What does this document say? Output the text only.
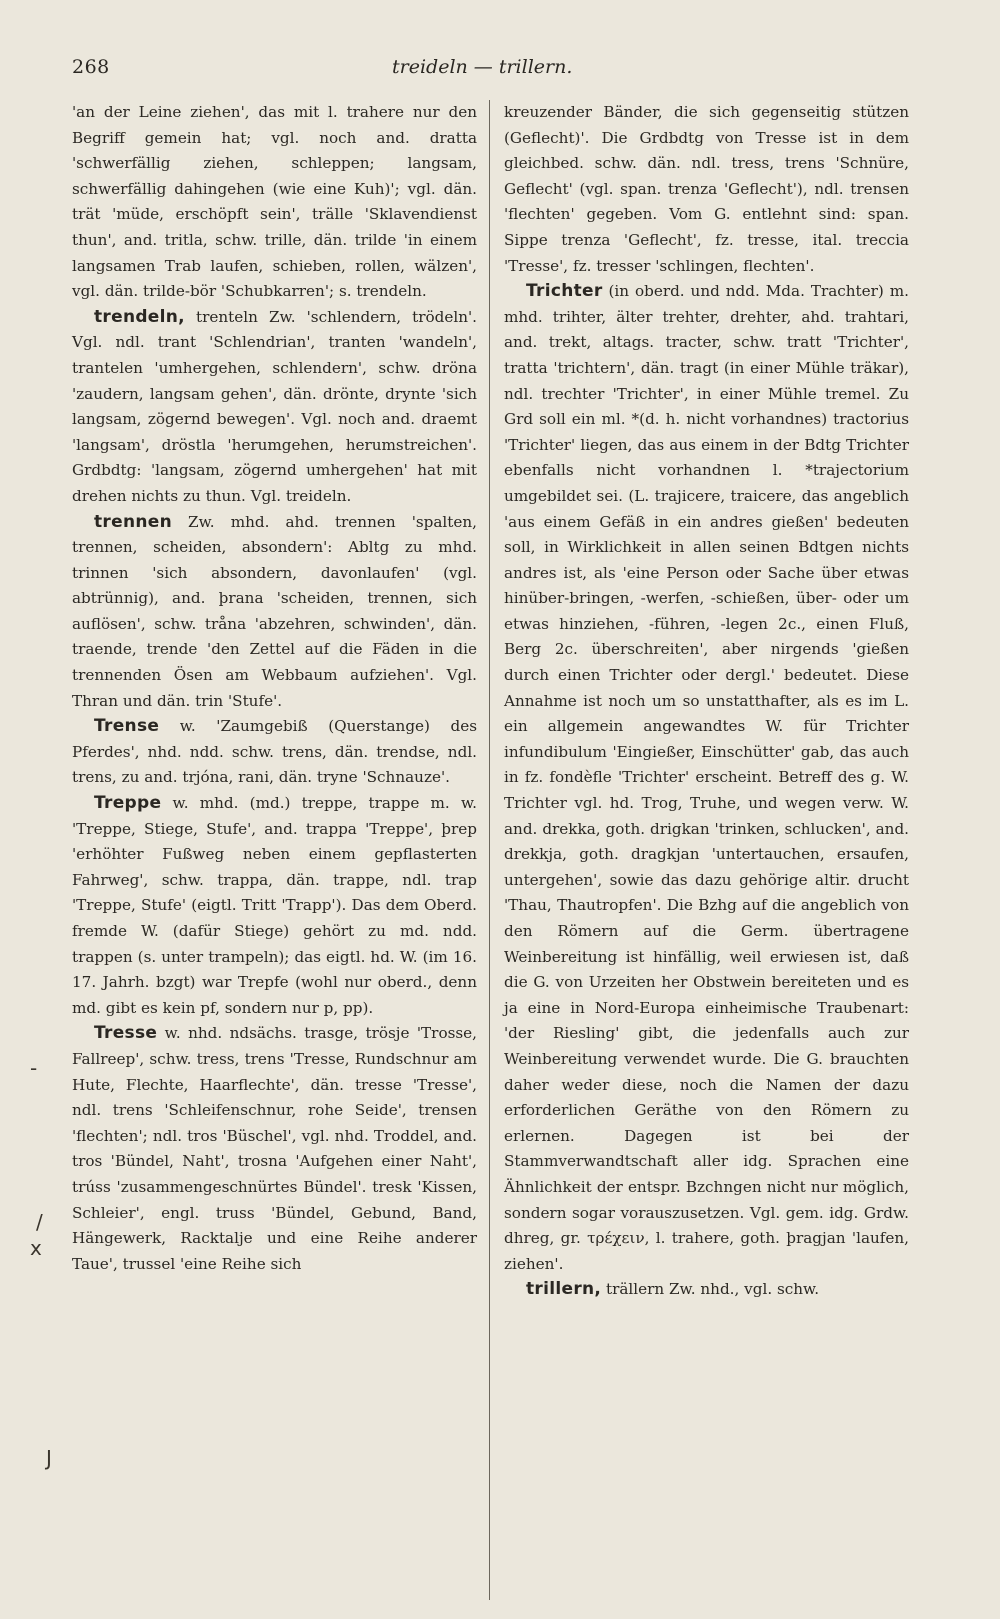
268	treideln — trillern.

'an der Leine ziehen', das mit l. trahere nur den Begriff gemein hat; vgl. noch and. dratta 'schwerfällig ziehen, schleppen; langsam, schwerfällig dahingehen (wie eine Kuh)'; vgl. dän. trät 'müde, erschöpft sein', trälle 'Sklavendienst thun', and. tritla, schw. trille, dän. trilde 'in einem langsamen Trab laufen, schieben, rollen, wälzen', vgl. dän. trilde-bör 'Schubkarren'; s. trendeln.

trendeln, trenteln Zw. 'schlendern, trödeln'. Vgl. ndl. trant 'Schlendrian', tranten 'wandeln', trantelen 'umhergehen, schlendern', schw. dröna 'zaudern, langsam gehen', dän. drönte, drynte 'sich langsam, zögernd bewegen'. Vgl. noch and. draemt 'langsam', dröstla 'herumgehen, herumstreichen'. Grdbdtg: 'langsam, zögernd umhergehen' hat mit drehen nichts zu thun. Vgl. treideln.

trennen Zw. mhd. ahd. trennen 'spalten, trennen, scheiden, absondern': Abltg zu mhd. trinnen 'sich absondern, davonlaufen' (vgl. abtrünnig), and. þrana 'scheiden, trennen, sich auflösen', schw. tråna 'abzehren, schwinden', dän. traende, trende 'den Zettel auf die Fäden in die trennenden Ösen am Webbaum aufziehen'. Vgl. Thran und dän. trin 'Stufe'.

Trense w. 'Zaumgebiß (Querstange) des Pferdes', nhd. ndd. schw. trens, dän. trendse, ndl. trens, zu and. trjóna, rani, dän. tryne 'Schnauze'.

Treppe w. mhd. (md.) treppe, trappe m. w. 'Treppe, Stiege, Stufe', and. trappa 'Treppe', þrep 'erhöhter Fußweg neben einem gepflasterten Fahrweg', schw. trappa, dän. trappe, ndl. trap 'Treppe, Stufe' (eigtl. Tritt 'Trapp'). Das dem Oberd. fremde W. (dafür Stiege) gehört zu md. ndd. trappen (s. unter trampeln); das eigtl. hd. W. (im 16. 17. Jahrh. bzgt) war Trepfe (wohl nur oberd., denn md. gibt es kein pf, sondern nur p, pp).

Tresse w. nhd. ndsächs. trasge, trösje 'Trosse, Fallreep', schw. tress, trens 'Tresse, Rundschnur am Hute, Flechte, Haarflechte', dän. tresse 'Tresse', ndl. trens 'Schleifenschnur, rohe Seide', trensen 'flechten'; ndl. tros 'Büschel', vgl. nhd. Troddel, and. tros 'Bündel, Naht', trosna 'Aufgehen einer Naht', trúss 'zusammengeschnürtes Bündel'. tresk 'Kissen, Schleier', engl. truss 'Bündel, Gebund, Band, Hängewerk, Racktalje und eine Reihe anderer Taue', trussel 'eine Reihe sich

kreuzender Bänder, die sich gegenseitig stützen (Geflecht)'. Die Grdbdtg von Tresse ist in dem gleichbed. schw. dän. ndl. tress, trens 'Schnüre, Geflecht' (vgl. span. trenza 'Geflecht'), ndl. trensen 'flechten' gegeben. Vom G. entlehnt sind: span. Sippe trenza 'Geflecht', fz. tresse, ital. treccia 'Tresse', fz. tresser 'schlingen, flechten'.

Trichter (in oberd. und ndd. Mda. Trachter) m. mhd. trihter, älter trehter, drehter, ahd. trahtari, and. trekt, altags. tracter, schw. tratt 'Trichter', tratta 'trichtern', dän. tragt (in einer Mühle träkar), ndl. trechter 'Trichter', in einer Mühle tremel. Zu Grd soll ein ml. *(d. h. nicht vorhandnes) tractorius 'Trichter' liegen, das aus einem in der Bdtg Trichter ebenfalls nicht vorhandnen l. *trajectorium umgebildet sei. (L. trajicere, traicere, das angeblich 'aus einem Gefäß in ein andres gießen' bedeuten soll, in Wirklichkeit in allen seinen Bdtgen nichts andres ist, als 'eine Person oder Sache über etwas hinüber-bringen, -werfen, -schießen, über- oder um etwas hinziehen, -führen, -legen 2c., einen Fluß, Berg 2c. überschreiten', aber nirgends 'gießen durch einen Trichter oder dergl.' bedeutet. Diese Annahme ist noch um so unstatthafter, als es im L. ein allgemein angewandtes W. für Trichter infundibulum 'Eingießer, Einschütter' gab, das auch in fz. fondèfle 'Trichter' erscheint. Betreff des g. W. Trichter vgl. hd. Trog, Truhe, und wegen verw. W. and. drekka, goth. drigkan 'trinken, schlucken', and. drekkja, goth. dragkjan 'untertauchen, ersaufen, untergehen', sowie das dazu gehörige altir. drucht 'Thau, Thautropfen'. Die Bzhg auf die angeblich von den Römern auf die Germ. übertragene Weinbereitung ist hinfällig, weil erwiesen ist, daß die G. von Urzeiten her Obstwein bereiteten und es ja eine in Nord-Europa einheimische Traubenart: 'der Riesling' gibt, die jedenfalls auch zur Weinbereitung verwendet wurde. Die G. brauchten daher weder diese, noch die Namen der dazu erforderlichen Geräthe von den Römern zu erlernen. Dagegen ist bei der Stammverwandtschaft aller idg. Sprachen eine Ähnlichkeit der entspr. Bzchngen nicht nur möglich, sondern sogar vorauszusetzen. Vgl. gem. idg. Grdw. dhreg, gr. τρέχειν, l. trahere, goth. þragjan 'laufen, ziehen'.

trillern, trällern Zw. nhd., vgl. schw.

-
/
x
J
